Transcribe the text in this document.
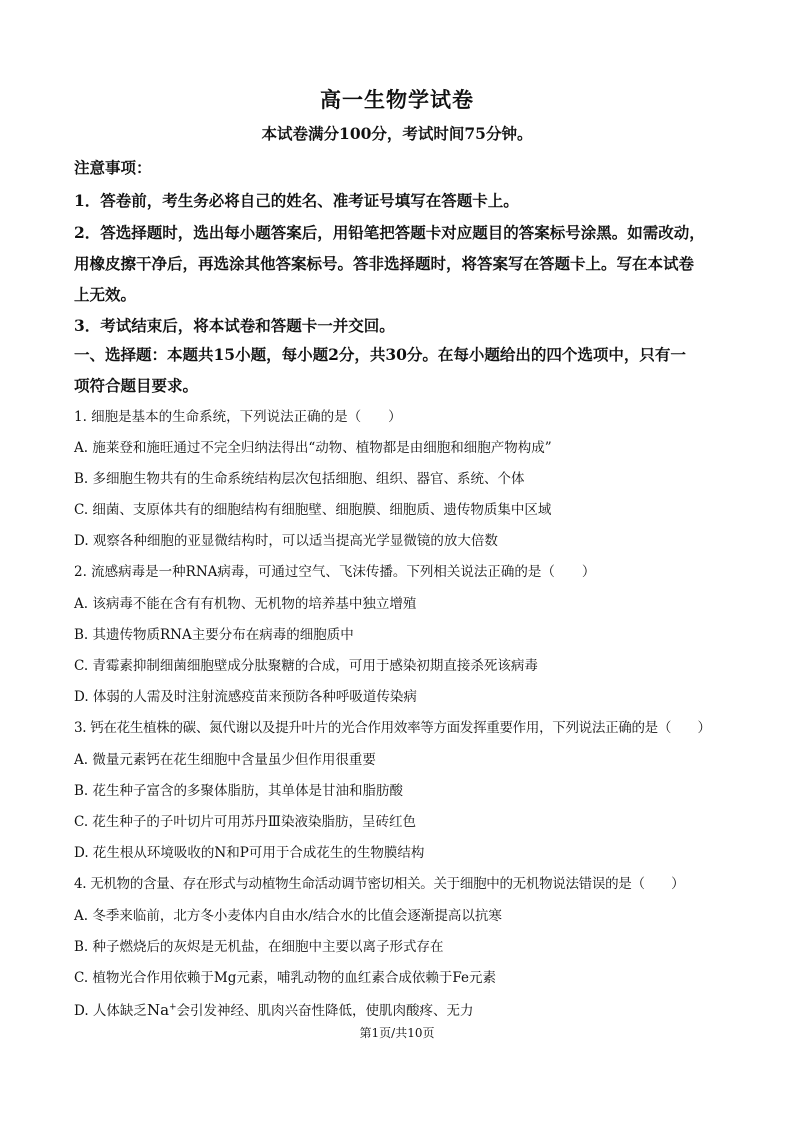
高一生物学试卷
本试卷满分100分，考试时间75分钟。
注意事项：
1．答卷前，考生务必将自己的姓名、准考证号填写在答题卡上。
2．答选择题时，选出每小题答案后，用铅笔把答题卡对应题目的答案标号涂黑。如需改动，
用橡皮擦干净后，再选涂其他答案标号。答非选择题时，将答案写在答题卡上。写在本试卷
上无效。
3．考试结束后，将本试卷和答题卡一并交回。
一、选择题：本题共15小题，每小题2分，共30分。在每小题给出的四个选项中，只有一
项符合题目要求。
1. 细胞是基本的生命系统，下列说法正确的是（　　）
A. 施莱登和施旺通过不完全归纳法得出“动物、植物都是由细胞和细胞产物构成”
B. 多细胞生物共有的生命系统结构层次包括细胞、组织、器官、系统、个体
C. 细菌、支原体共有的细胞结构有细胞壁、细胞膜、细胞质、遗传物质集中区域
D. 观察各种细胞的亚显微结构时，可以适当提高光学显微镜的放大倍数
2. 流感病毒是一种RNA病毒，可通过空气、飞沫传播。下列相关说法正确的是（　　）
A. 该病毒不能在含有有机物、无机物的培养基中独立增殖
B. 其遗传物质RNA主要分布在病毒的细胞质中
C. 青霉素抑制细菌细胞壁成分肽聚糖的合成，可用于感染初期直接杀死该病毒
D. 体弱的人需及时注射流感疫苗来预防各种呼吸道传染病
3. 钙在花生植株的碳、氮代谢以及提升叶片的光合作用效率等方面发挥重要作用，下列说法正确的是（　　）
A. 微量元素钙在花生细胞中含量虽少但作用很重要
B. 花生种子富含的多聚体脂肪，其单体是甘油和脂肪酸
C. 花生种子的子叶切片可用苏丹Ⅲ染液染脂肪，呈砖红色
D. 花生根从环境吸收的N和P可用于合成花生的生物膜结构
4. 无机物的含量、存在形式与动植物生命活动调节密切相关。关于细胞中的无机物说法错误的是（　　）
A. 冬季来临前，北方冬小麦体内自由水/结合水的比值会逐渐提高以抗寒
B. 种子燃烧后的灰烬是无机盐，在细胞中主要以离子形式存在
C. 植物光合作用依赖于Mg元素，哺乳动物的血红素合成依赖于Fe元素
D. 人体缺乏Na+会引发神经、肌肉兴奋性降低，使肌肉酸疼、无力
第1页/共10页
